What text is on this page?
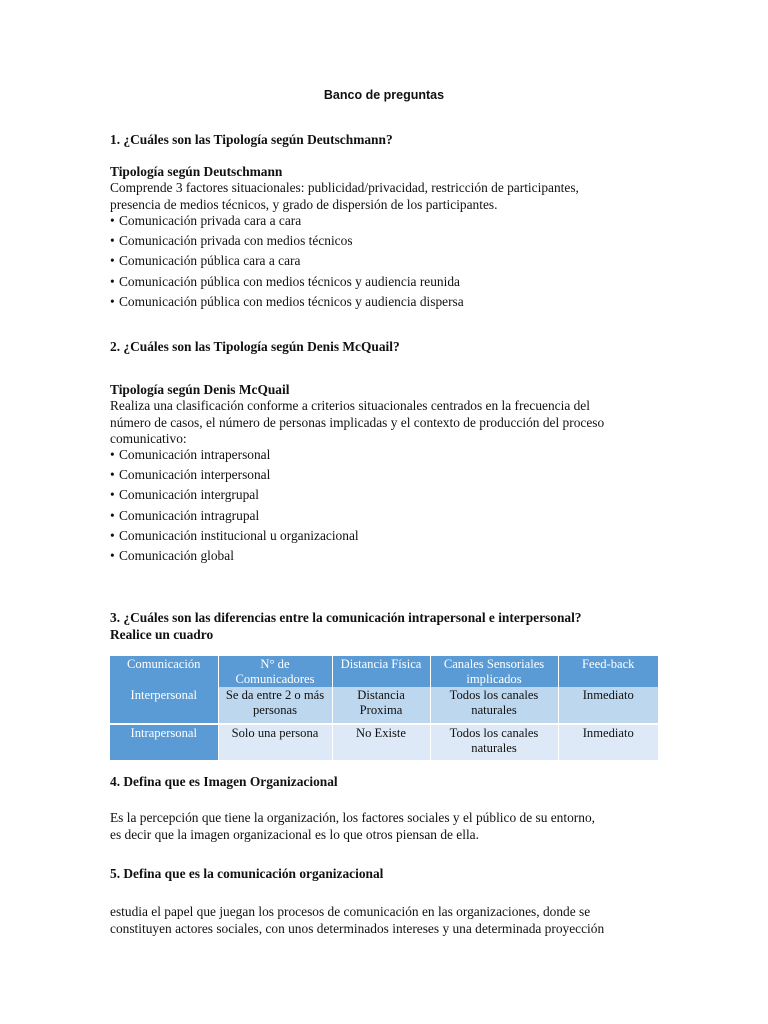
Banco de preguntas
1. ¿Cuáles son las Tipología según Deutschmann?
Tipología según Deutschmann
Comprende 3 factores situacionales: publicidad/privacidad, restricción de participantes,
presencia de medios técnicos, y grado de dispersión de los participantes.
• Comunicación privada cara a cara
• Comunicación privada con medios técnicos
• Comunicación pública cara a cara
• Comunicación pública con medios técnicos y audiencia reunida
• Comunicación pública con medios técnicos y audiencia dispersa
2. ¿Cuáles son las Tipología según Denis McQuail?
Tipología según Denis McQuail
Realiza una clasificación conforme a criterios situacionales centrados en la frecuencia del
número de casos, el número de personas implicadas y el contexto de producción del proceso
comunicativo:
• Comunicación intrapersonal
• Comunicación interpersonal
• Comunicación intergrupal
• Comunicación intragrupal
• Comunicación institucional u organizacional
• Comunicación global
3. ¿Cuáles son las diferencias entre la comunicación intrapersonal e interpersonal?
Realice un cuadro
Comunicación	N° de Comunicadores	Distancia Física	Canales Sensoriales implicados	Feed-back
Interpersonal	Se da entre 2 o más personas	Distancia Proxima	Todos los canales naturales	Inmediato
Intrapersonal	Solo una persona	No Existe	Todos los canales naturales	Inmediato
4. Defina que es Imagen Organizacional
Es la percepción que tiene la organización, los factores sociales y el público de su entorno,
es decir que la imagen organizacional es lo que otros piensan de ella.
5. Defina que es la comunicación organizacional
estudia el papel que juegan los procesos de comunicación en las organizaciones, donde se
constituyen actores sociales, con unos determinados intereses y una determinada proyección
